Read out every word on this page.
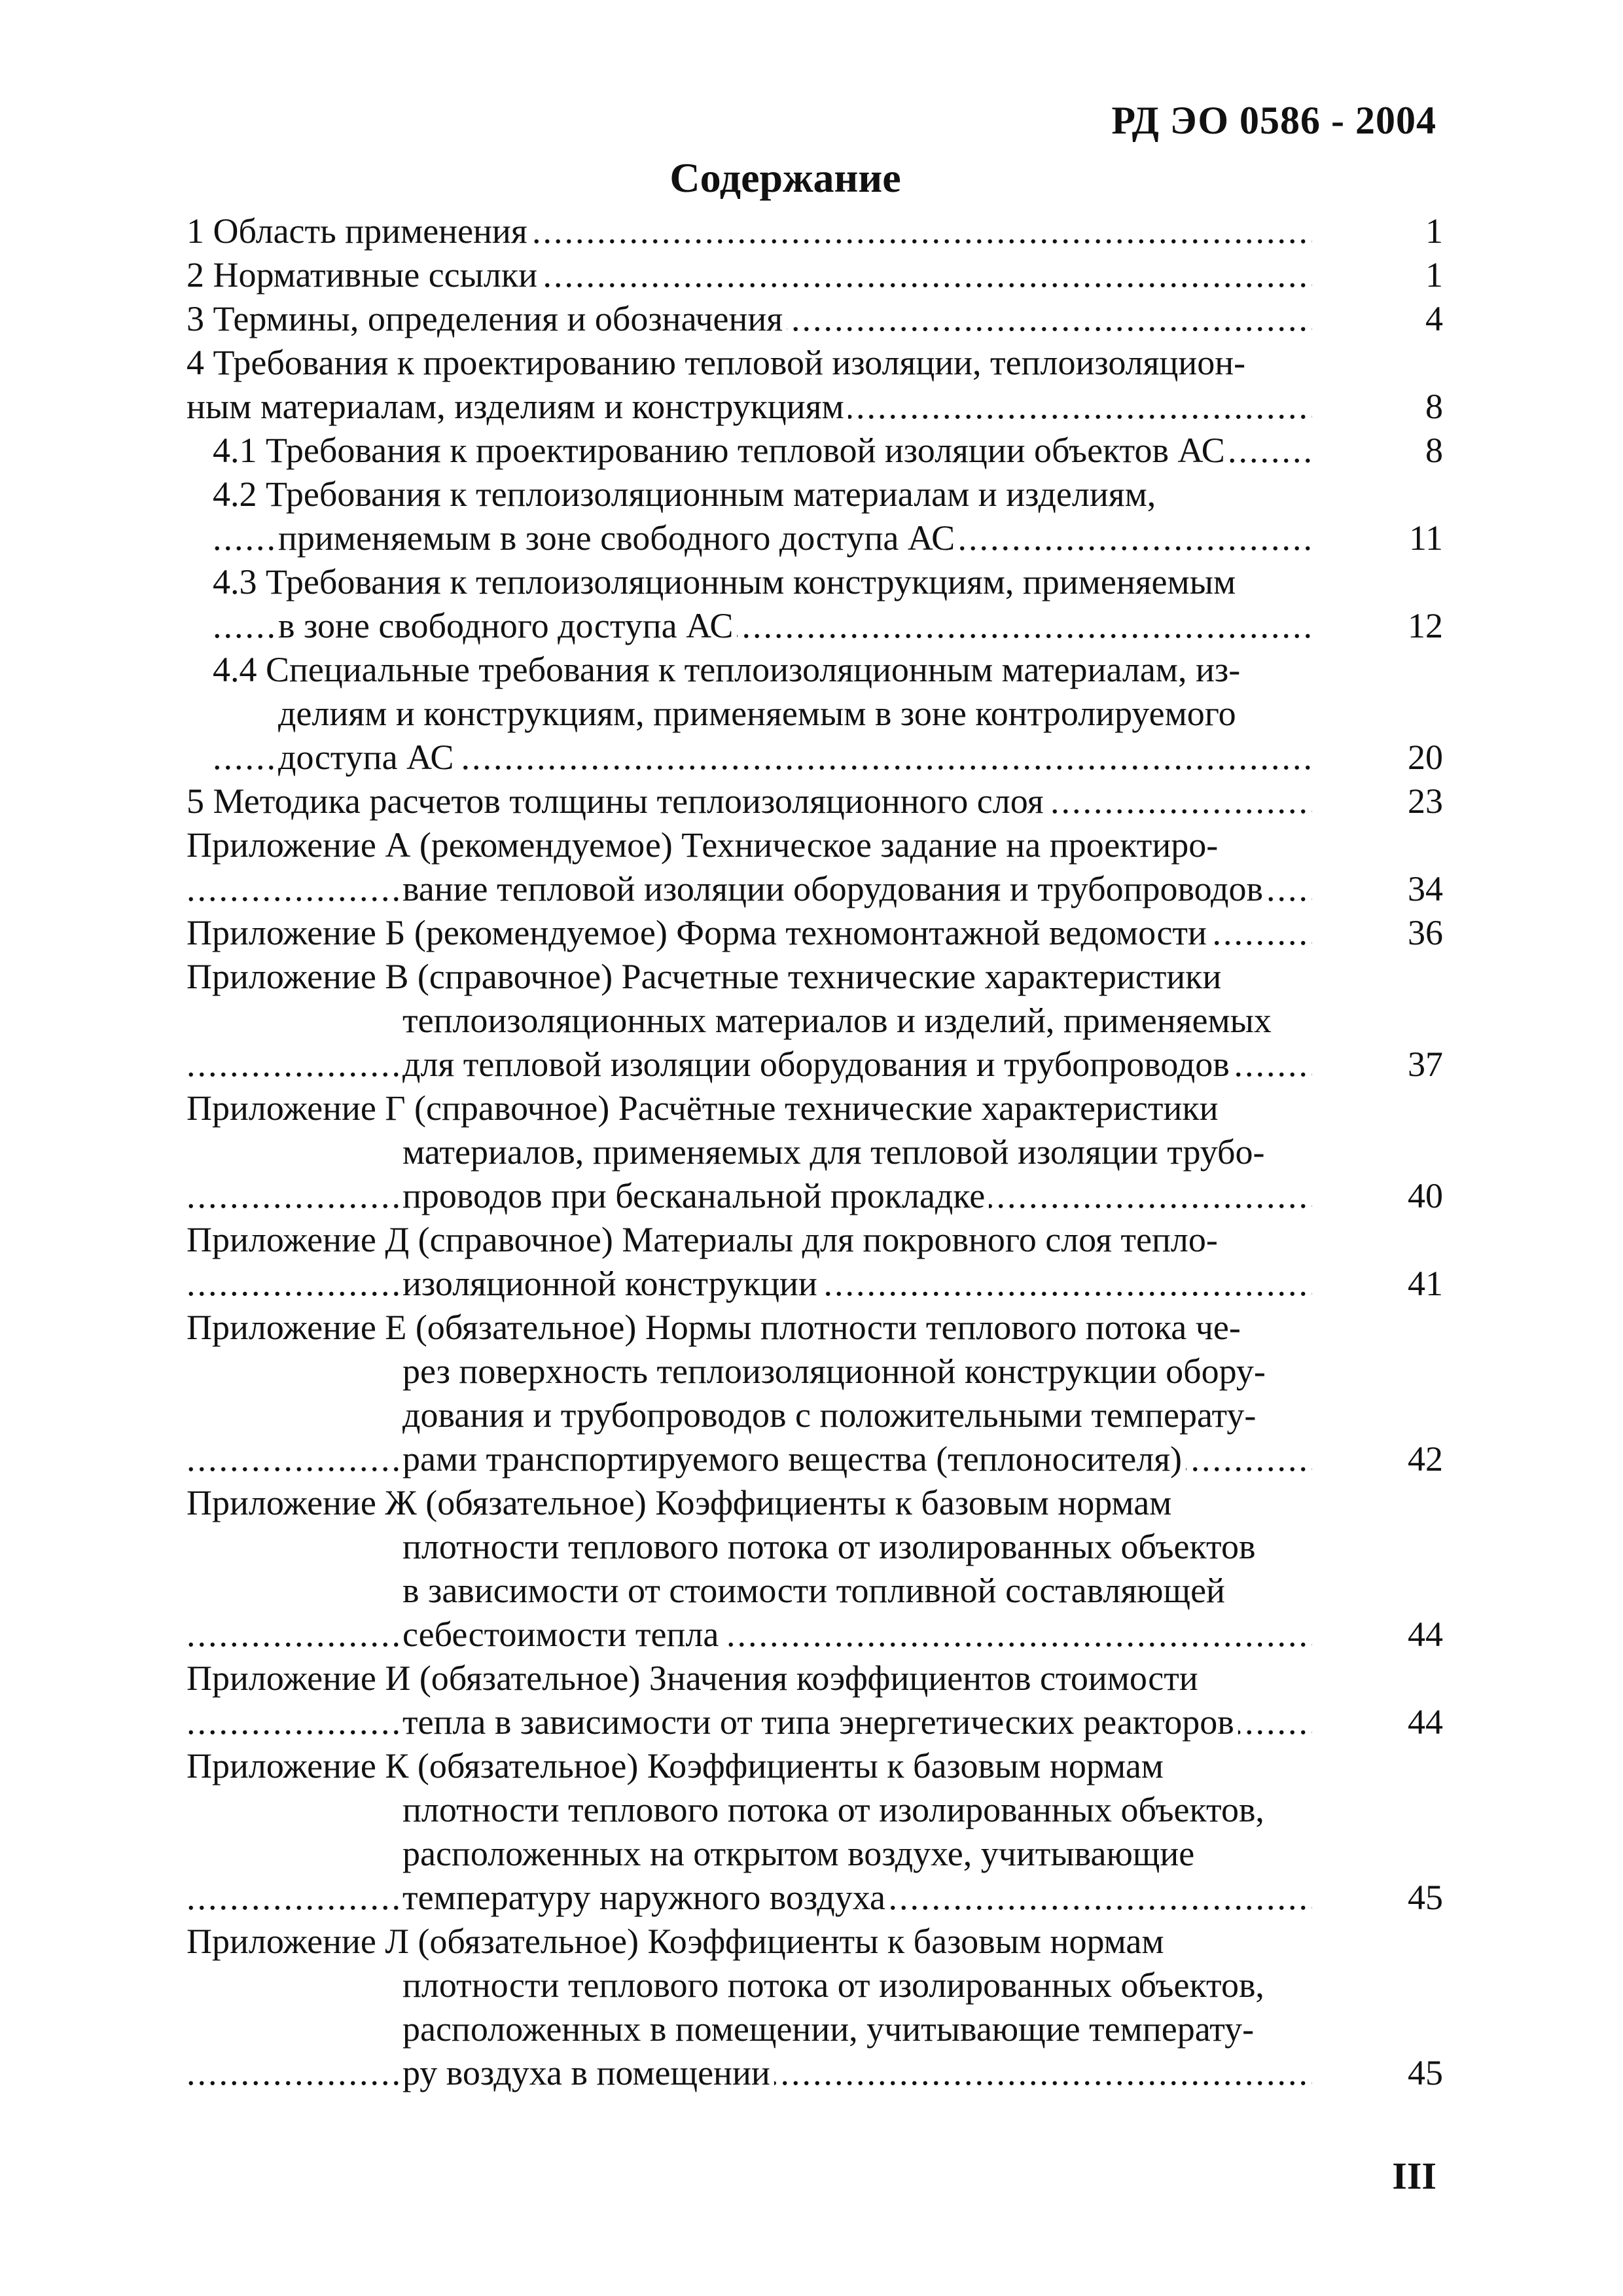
РД ЭО 0586 - 2004

Содержание
1 Область применения .....	1
2 Нормативные ссылки .....	1
3 Термины, определения и обозначения .....	4
4 Требования к проектированию тепловой изоляции, теплоизоляцион-
ным материалам, изделиям и конструкциям .....	8
4.1 Требования к проектированию тепловой изоляции объектов АС .....	8
4.2 Требования к теплоизоляционным материалам и изделиям,
применяемым в зоне свободного доступа АС .....	11
4.3 Требования к теплоизоляционным конструкциям, применяемым
в зоне свободного доступа АС .....	12
4.4 Специальные требования к теплоизоляционным материалам, из-
делиям и конструкциям, применяемым в зоне контролируемого
доступа АС .....	20
5 Методика расчетов толщины теплоизоляционного слоя .....	23
Приложение А (рекомендуемое) Техническое задание на проектиро-
вание тепловой изоляции оборудования и трубопроводов .....	34
Приложение Б (рекомендуемое) Форма техномонтажной ведомости .....	36
Приложение В (справочное) Расчетные технические характеристики
теплоизоляционных материалов и изделий, применяемых
для тепловой изоляции оборудования и трубопроводов .....	37
Приложение Г (справочное) Расчётные технические характеристики
материалов, применяемых для тепловой изоляции трубо-
проводов при бесканальной прокладке .....	40
Приложение Д (справочное) Материалы для покровного слоя тепло-
изоляционной конструкции .....	41
Приложение Е (обязательное) Нормы плотности теплового потока че-
рез поверхность теплоизоляционной конструкции обору-
дования и трубопроводов с положительными температу-
рами транспортируемого вещества (теплоносителя) .....	42
Приложение Ж (обязательное) Коэффициенты к базовым нормам
плотности теплового потока от изолированных объектов
в зависимости от стоимости топливной составляющей
себестоимости тепла .....	44
Приложение И (обязательное) Значения коэффициентов стоимости
тепла в зависимости от типа энергетических реакторов .....	44
Приложение К (обязательное) Коэффициенты к базовым нормам
плотности теплового потока от изолированных объектов,
расположенных на открытом воздухе, учитывающие
температуру наружного воздуха .....	45
Приложение Л (обязательное) Коэффициенты к базовым нормам
плотности теплового потока от изолированных объектов,
расположенных в помещении, учитывающие температу-
ру воздуха в помещении .....	45

III
